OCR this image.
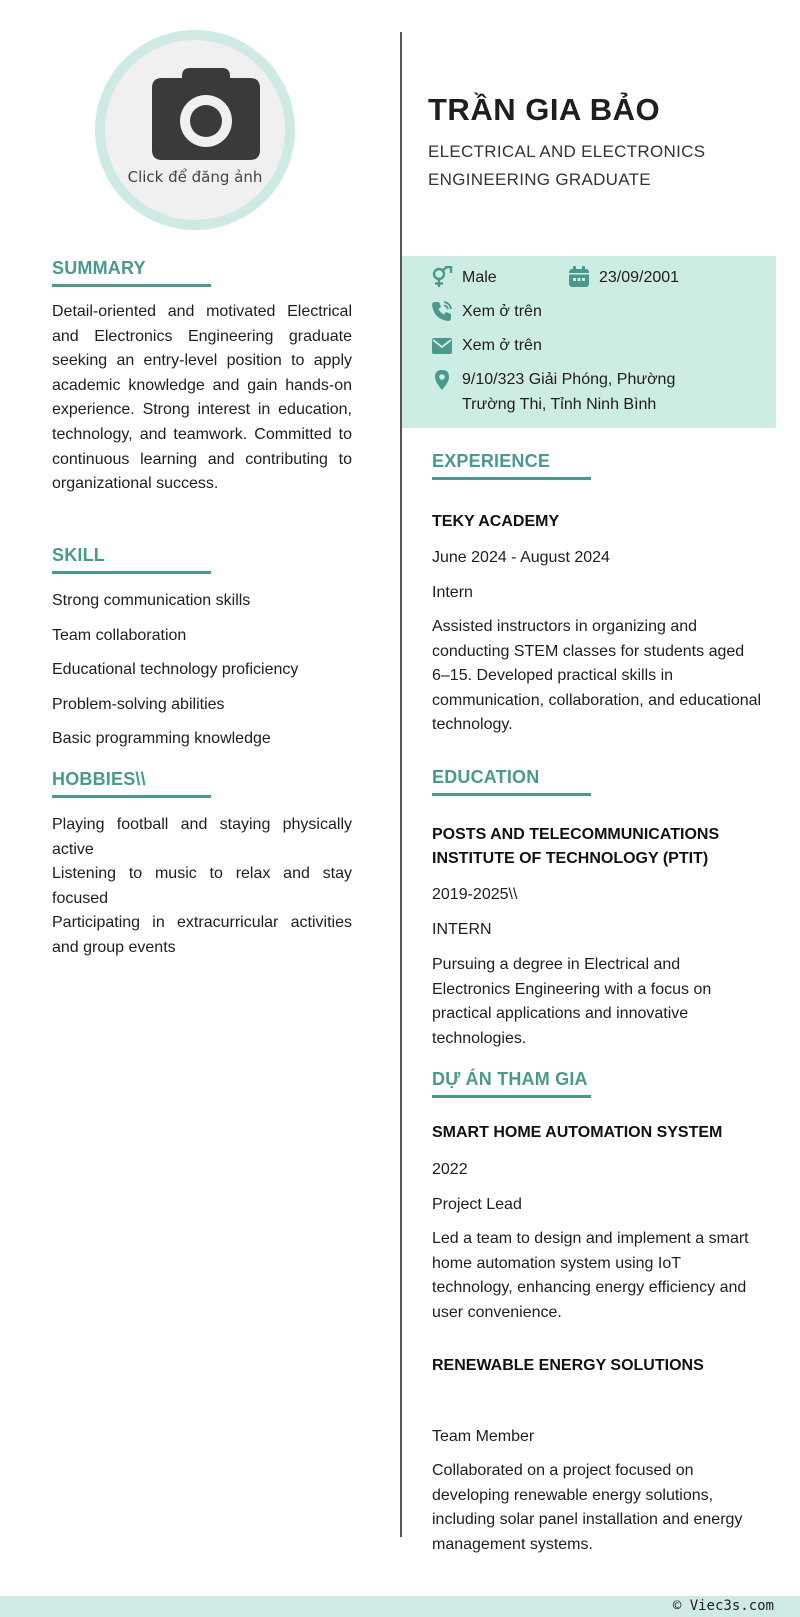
Click để đăng ảnh
SUMMARY
Detail-oriented and motivated Electrical and Electronics Engineering graduate seeking an entry-level position to apply academic knowledge and gain hands-on experience. Strong interest in education, technology, and teamwork. Committed to continuous learning and contributing to organizational success.
SKILL
Strong communication skills
Team collaboration
Educational technology proficiency
Problem-solving abilities
Basic programming knowledge
HOBBIES\\
Playing football and staying physically active
Listening to music to relax and stay focused
Participating in extracurricular activities and group events
TRẦN GIA BẢO
ELECTRICAL AND ELECTRONICS ENGINEERING GRADUATE
Male	23/09/2001
Xem ở trên
Xem ở trên
9/10/323 Giải Phóng, Phường Trường Thi, Tỉnh Ninh Bình
EXPERIENCE
TEKY ACADEMY
June 2024 - August 2024
Intern
Assisted instructors in organizing and conducting STEM classes for students aged 6–15. Developed practical skills in communication, collaboration, and educational technology.
EDUCATION
POSTS AND TELECOMMUNICATIONS INSTITUTE OF TECHNOLOGY (PTIT)
2019-2025\\
INTERN
Pursuing a degree in Electrical and Electronics Engineering with a focus on practical applications and innovative technologies.
DỰ ÁN THAM GIA
SMART HOME AUTOMATION SYSTEM
2022
Project Lead
Led a team to design and implement a smart home automation system using IoT technology, enhancing energy efficiency and user convenience.
RENEWABLE ENERGY SOLUTIONS
Team Member
Collaborated on a project focused on developing renewable energy solutions, including solar panel installation and energy management systems.
© Viec3s.com
